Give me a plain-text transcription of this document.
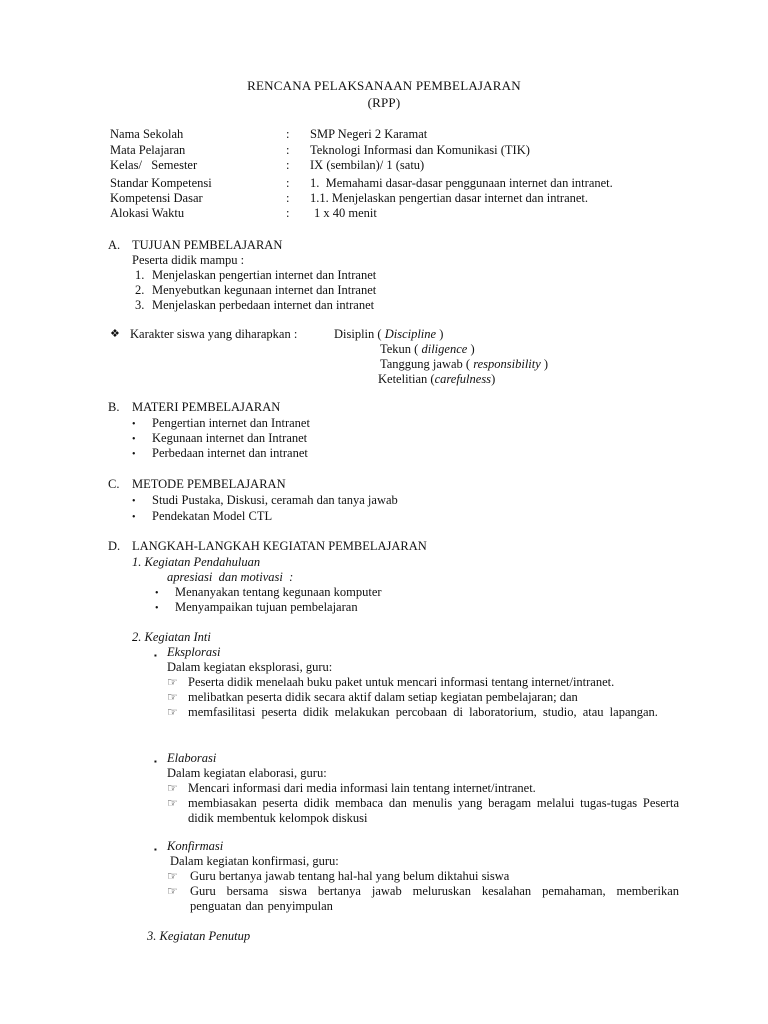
RENCANA PELAKSANAAN PEMBELAJARAN
(RPP)
Nama Sekolah	: SMP Negeri 2 Karamat
Mata Pelajaran	: Teknologi Informasi dan Komunikasi (TIK)
Kelas/   Semester	: IX (sembilan)/ 1 (satu)
Standar Kompetensi	: 1.  Memahami dasar-dasar penggunaan internet dan intranet.
Kompetensi Dasar	: 1.1. Menjelaskan pengertian dasar internet dan intranet.
Alokasi Waktu	: 1 x 40 menit
A. TUJUAN PEMBELAJARAN
Peserta didik mampu :
1. Menjelaskan pengertian internet dan Intranet
2. Menyebutkan kegunaan internet dan Intranet
3. Menjelaskan perbedaan internet dan intranet
❖ Karakter siswa yang diharapkan :	Disiplin ( Discipline )
Tekun ( diligence )
Tanggung jawab ( responsibility )
Ketelitian (carefulness)
B. MATERI PEMBELAJARAN
• Pengertian internet dan Intranet
• Kegunaan internet dan Intranet
• Perbedaan internet dan intranet
C. METODE PEMBELAJARAN
• Studi Pustaka, Diskusi, ceramah dan tanya jawab
• Pendekatan Model CTL
D. LANGKAH-LANGKAH KEGIATAN PEMBELAJARAN
1. Kegiatan Pendahuluan
apresiasi  dan motivasi  :
• Menanyakan tentang kegunaan komputer
• Menyampaikan tujuan pembelajaran
2. Kegiatan Inti
▪ Eksplorasi
Dalam kegiatan eksplorasi, guru:
☞ Peserta didik menelaah buku paket untuk mencari informasi tentang internet/intranet.
☞ melibatkan peserta didik secara aktif dalam setiap kegiatan pembelajaran; dan
☞ memfasilitasi peserta didik melakukan percobaan di laboratorium, studio, atau lapangan.
▪ Elaborasi
Dalam kegiatan elaborasi, guru:
☞ Mencari informasi dari media informasi lain tentang internet/intranet.
☞ membiasakan peserta didik membaca dan menulis yang beragam melalui tugas-tugas Peserta didik membentuk kelompok diskusi
▪ Konfirmasi
Dalam kegiatan konfirmasi, guru:
☞ Guru bertanya jawab tentang hal-hal yang belum diktahui siswa
☞ Guru bersama siswa bertanya jawab meluruskan kesalahan pemahaman, memberikan penguatan dan penyimpulan
3. Kegiatan Penutup
